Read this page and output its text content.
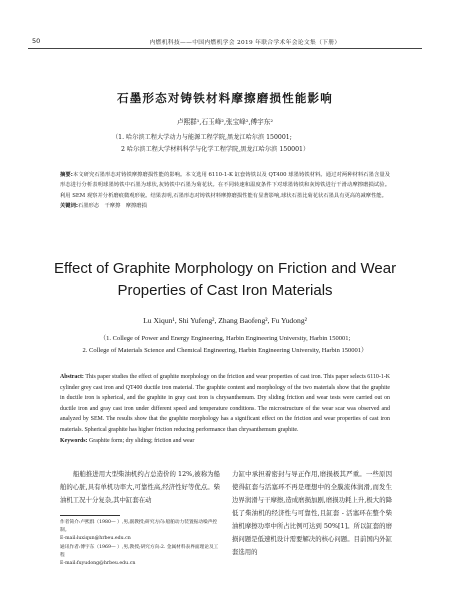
50	内燃机科技——中国内燃机学会 2019 年联合学术年会论文集（下册）
石墨形态对铸铁材料摩擦磨损性能影响
卢熙群¹,石玉峰²,张宝峰²,傅宇东²
（1. 哈尔滨工程大学动力与能源工程学院,黑龙江哈尔滨 150001;
2 哈尔滨工程大学材料科学与化学工程学院,黑龙江哈尔滨 150001）
摘要:本文研究石墨形态对铸铁摩擦磨损性能的影响。本文选用 6110-1-K 缸套铸铁以及 QT400 球墨铸铁材料。通过对两种材料石墨含量及形态进行分析表明球墨铸铁中石墨为球状,灰铸铁中石墨为菊花状。在不同转速和温度条件下对球墨铸铁和灰铸铁进行干滑动摩擦磨损试验。利用 SEM 观察并分析磨痕微观形貌。结果表明,石墨形态对铸铁材料摩擦磨损性能有显著影响,球状石墨比菊花状石墨具有更高的减摩性能。
关键词:石墨形态　干摩擦　摩擦磨损
Effect of Graphite Morphology on Friction and Wear Properties of Cast Iron Materials
Lu Xiqun¹, Shi Yufeng², Zhang Baofeng², Fu Yudong²
（1. College of Power and Energy Engineering, Harbin Engineering University, Harbin 150001;
2. College of Materials Science and Chemical Engineering, Harbin Engineering University, Harbin 150001）
Abstract: This paper studies the effect of graphite morphology on the friction and wear properties of cast iron. This paper selects 6110-1-K cylinder grey cast iron and QT400 ductile iron material. The graphite content and morphology of the two materials show that the graphite in ductile iron is spherical, and the graphite in gray cast iron is chrysanthemum. Dry sliding friction and wear tests were carried out on ductile iron and gray cast iron under different speed and temperature conditions. The microstructure of the wear scar was observed and analyzed by SEM. The results show that the graphite morphology has a significant effect on the friction and wear properties of cast iron materials. Spherical graphite has higher friction reducing performance than chrysanthemum graphite.
Keywords: Graphite form; dry sliding; friction and wear
船舶推进用大型柴油机约占总造价的 12%,被称为船舶的心脏,具有单机功率大,可靠性高,经济性好等优点。柴油机工况十分复杂,其中缸套在动
作者简介:卢熙群（1980— ）,男,副教授;研究方向:船舶动力装置振动噪声控制。
E-mail:luxiqun@hrbeu.edu.cn
通讯作者:傅宇东（1969— ）,男,教授;研究方向:2. 金属材料表界面理论及工程
E-mail:fuyudong@hrbeu.edu.cn
力缸中承担着密封与导正作用,磨损极其严重。一些原因使得缸套与活塞环不再是理想中的全膜流体润滑,而发生边界润滑与干摩擦,造成磨损加剧,磨损功耗上升,极大的降低了柴油机的经济性与可靠性,且缸套 - 活塞环在整个柴油机摩擦功率中所占比例可达到 50%[1]。所以缸套的磨损问题是低速机设计需要解决的核心问题。目前国内外缸套选用的
